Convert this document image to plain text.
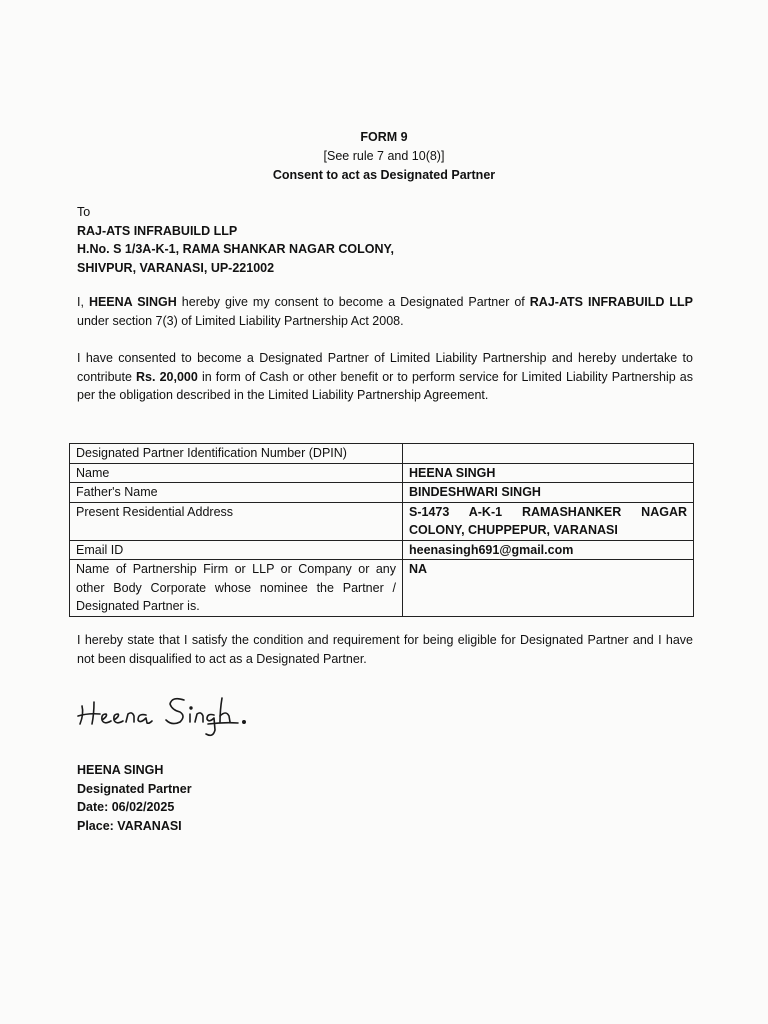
FORM 9
[See rule 7 and 10(8)]
Consent to act as Designated Partner
To
RAJ-ATS INFRABUILD LLP
H.No. S 1/3A-K-1, RAMA SHANKAR NAGAR COLONY,
SHIVPUR, VARANASI, UP-221002
I, HEENA SINGH hereby give my consent to become a Designated Partner of RAJ-ATS INFRABUILD LLP under section 7(3) of Limited Liability Partnership Act 2008.
I have consented to become a Designated Partner of Limited Liability Partnership and hereby undertake to contribute Rs. 20,000 in form of Cash or other benefit or to perform service for Limited Liability Partnership as per the obligation described in the Limited Liability Partnership Agreement.
Designated Partner Identification Number (DPIN)	
Name	HEENA SINGH
Father's Name	BINDESHWARI SINGH
Present Residential Address	S-1473 A-K-1 RAMASHANKER NAGAR COLONY, CHUPPEPUR, VARANASI
Email ID	heenasingh691@gmail.com
Name of Partnership Firm or LLP or Company or any other Body Corporate whose nominee the Partner / Designated Partner is.	NA
I hereby state that I satisfy the condition and requirement for being eligible for Designated Partner and I have not been disqualified to act as a Designated Partner.
HEENA SINGH
Designated Partner
Date: 06/02/2025
Place: VARANASI
